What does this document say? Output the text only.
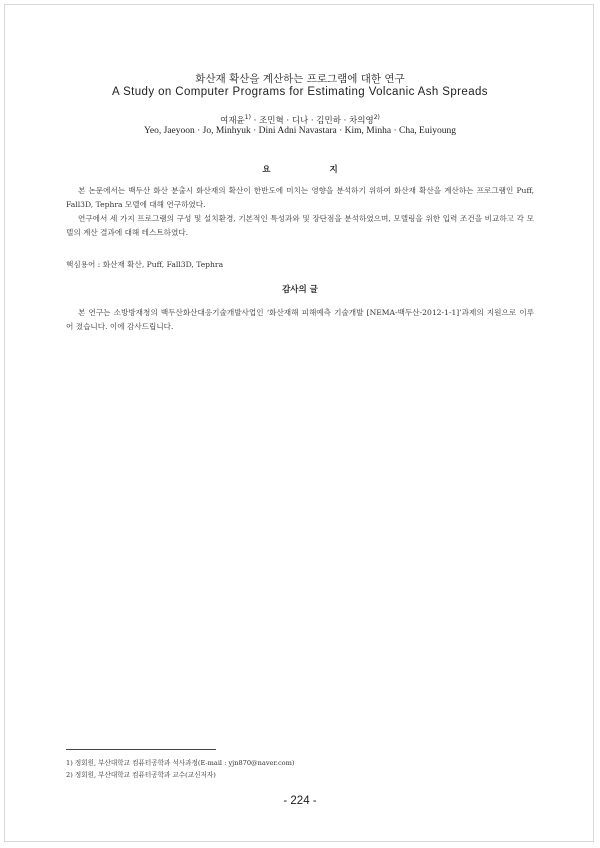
화산재 확산을 계산하는 프로그램에 대한 연구
A Study on Computer Programs for Estimating Volcanic Ash Spreads
여재윤$^{1)}$ · 조민혁 · 디나 · 김민하 · 차의영$^{2)}$
Yeo, Jaeyoon · Jo, Minhyuk · Dini Adni Navastara · Kim, Minha · Cha, Euiyoung
요 지
본 논문에서는 백두산 화산 분출시 화산재의 확산이 한반도에 미치는 영향을 분석하기 위하여 화산재 확산을 계산하는 프로그램인 Puff, Fall3D, Tephra 모델에 대해 연구하였다.
연구에서 세 가지 프로그램의 구성 및 설치환경, 기본적인 특성과와 및 장단점을 분석하였으며, 모델링을 위한 입력 조건을 비교하고 각 모델의 계산 결과에 대해 테스트하였다.
핵심용어 : 화산재 확산, Puff, Fall3D, Tephra
감사의 글
본 연구는 소방방재청의 백두산화산대응기술개발사업인 ‘화산재해 피해예측 기술개발 [NEMA-백두산-2012-1-1]’과제의 지원으로 이루어 졌습니다. 이에 감사드립니다.
1) 정회원, 부산대학교 컴퓨터공학과 석사과정(E-mail : yjn870@naver.com)
2) 정회원, 부산대학교 컴퓨터공학과 교수(교신저자)
- 224 -
